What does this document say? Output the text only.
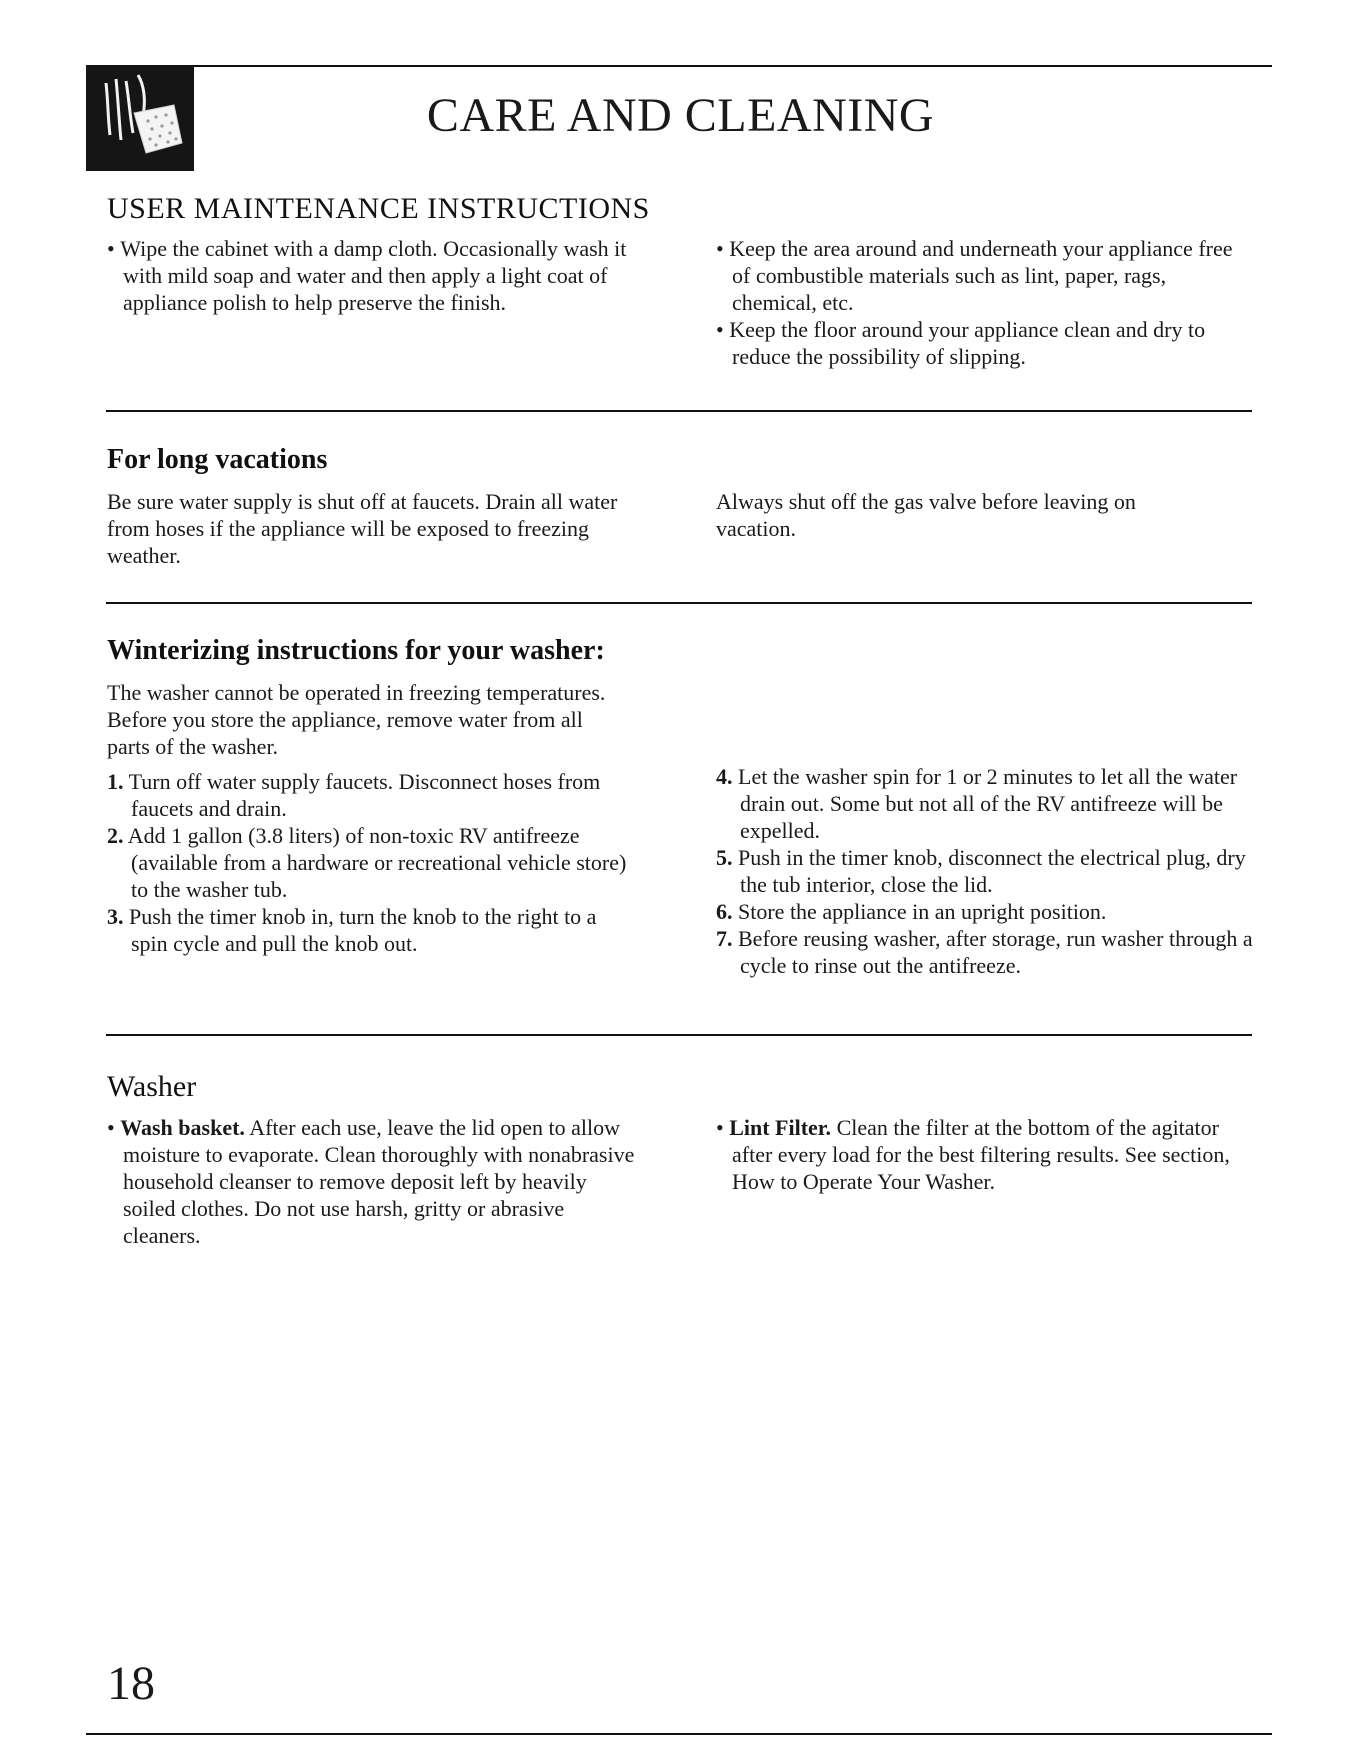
CARE AND CLEANING
USER MAINTENANCE INSTRUCTIONS

• Wipe the cabinet with a damp cloth. Occasionally wash it with mild soap and water and then apply a light coat of appliance polish to help preserve the finish.

• Keep the area around and underneath your appliance free of combustible materials such as lint, paper, rags, chemical, etc.

• Keep the floor around your appliance clean and dry to reduce the possibility of slipping.

For long vacations

Be sure water supply is shut off at faucets. Drain all water from hoses if the appliance will be exposed to freezing weather.

Always shut off the gas valve before leaving on vacation.

Winterizing instructions for your washer:

The washer cannot be operated in freezing temperatures. Before you store the appliance, remove water from all parts of the washer.

1. Turn off water supply faucets. Disconnect hoses from faucets and drain.

2. Add 1 gallon (3.8 liters) of non-toxic RV antifreeze (available from a hardware or recreational vehicle store) to the washer tub.

3. Push the timer knob in, turn the knob to the right to a spin cycle and pull the knob out.

4. Let the washer spin for 1 or 2 minutes to let all the water drain out. Some but not all of the RV antifreeze will be expelled.

5. Push in the timer knob, disconnect the electrical plug, dry the tub interior, close the lid.

6. Store the appliance in an upright position.

7. Before reusing washer, after storage, run washer through a cycle to rinse out the antifreeze.

Washer

• Wash basket. After each use, leave the lid open to allow moisture to evaporate. Clean thoroughly with nonabrasive household cleanser to remove deposit left by heavily soiled clothes. Do not use harsh, gritty or abrasive cleaners.

• Lint Filter. Clean the filter at the bottom of the agitator after every load for the best filtering results. See section, How to Operate Your Washer.

18
